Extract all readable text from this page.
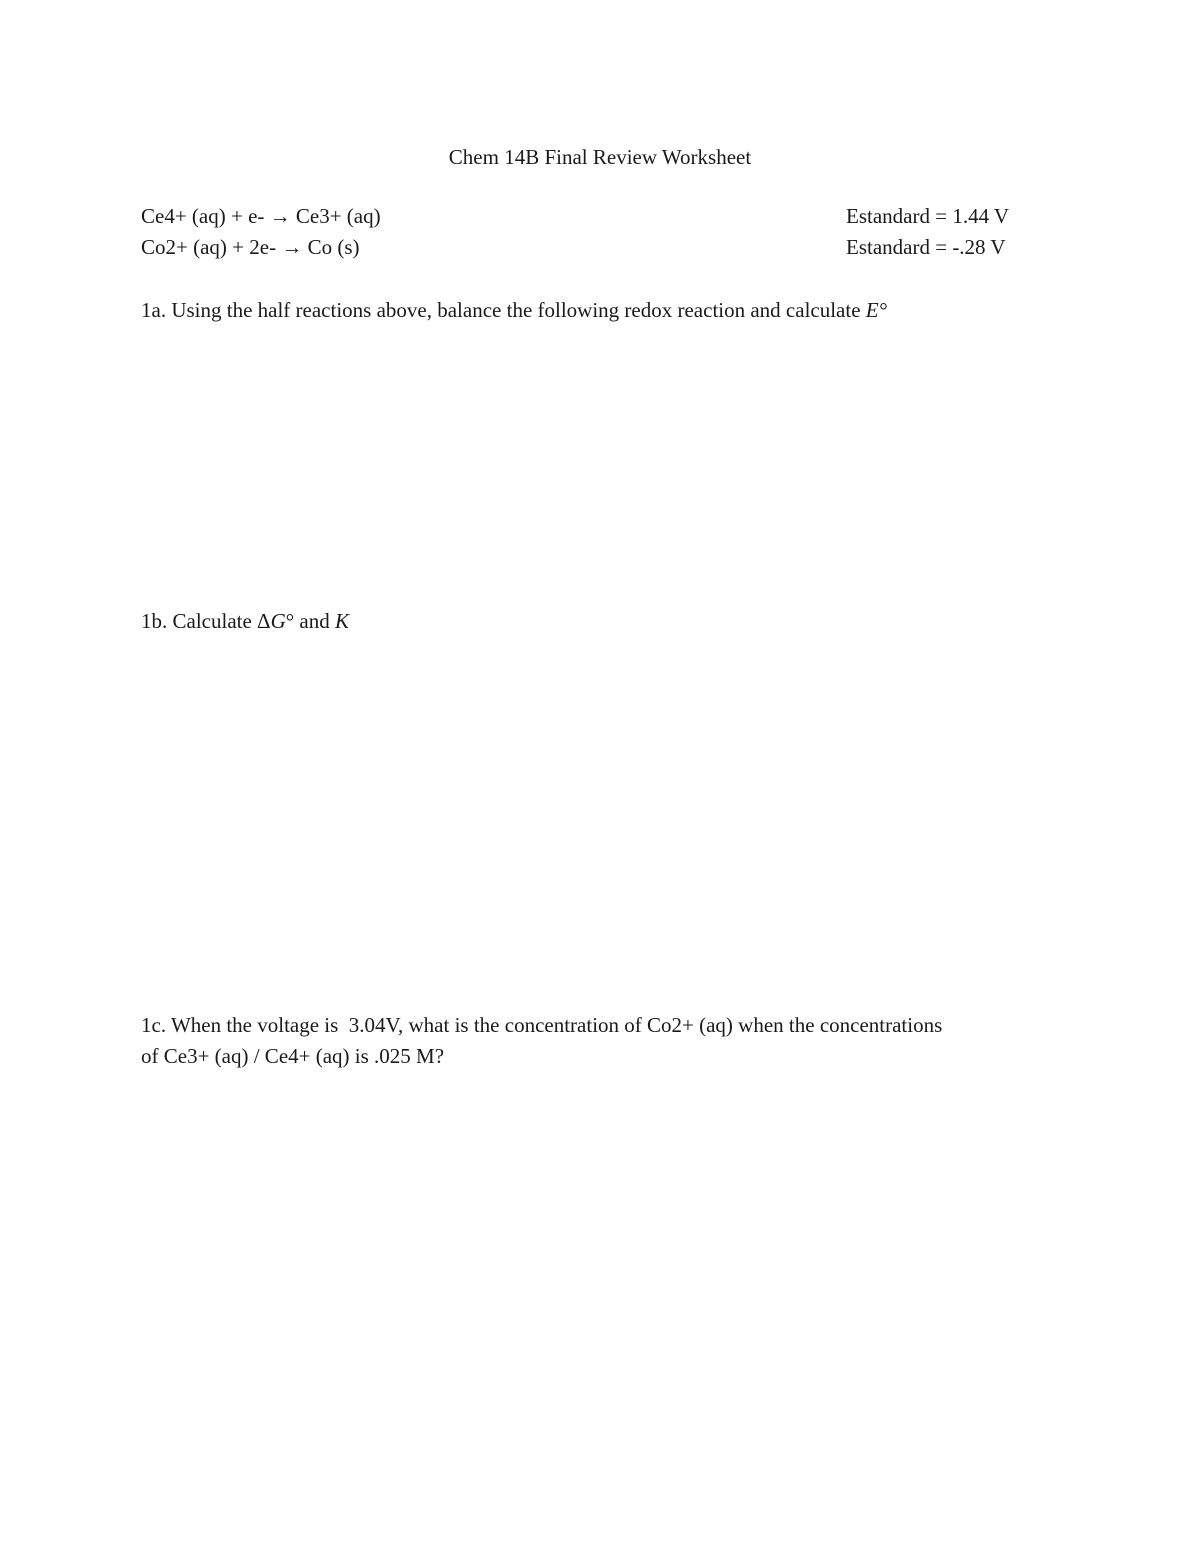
Chem 14B Final Review Worksheet
Ce4+ (aq) + e- → Ce3+ (aq)	Estandard = 1.44 V
Co2+ (aq) + 2e- → Co (s)	Estandard = -.28 V
1a. Using the half reactions above, balance the following redox reaction and calculate E°
1b. Calculate ΔG° and K
1c. When the voltage is  3.04V, what is the concentration of Co2+ (aq) when the concentrations
of Ce3+ (aq) / Ce4+ (aq) is .025 M?
